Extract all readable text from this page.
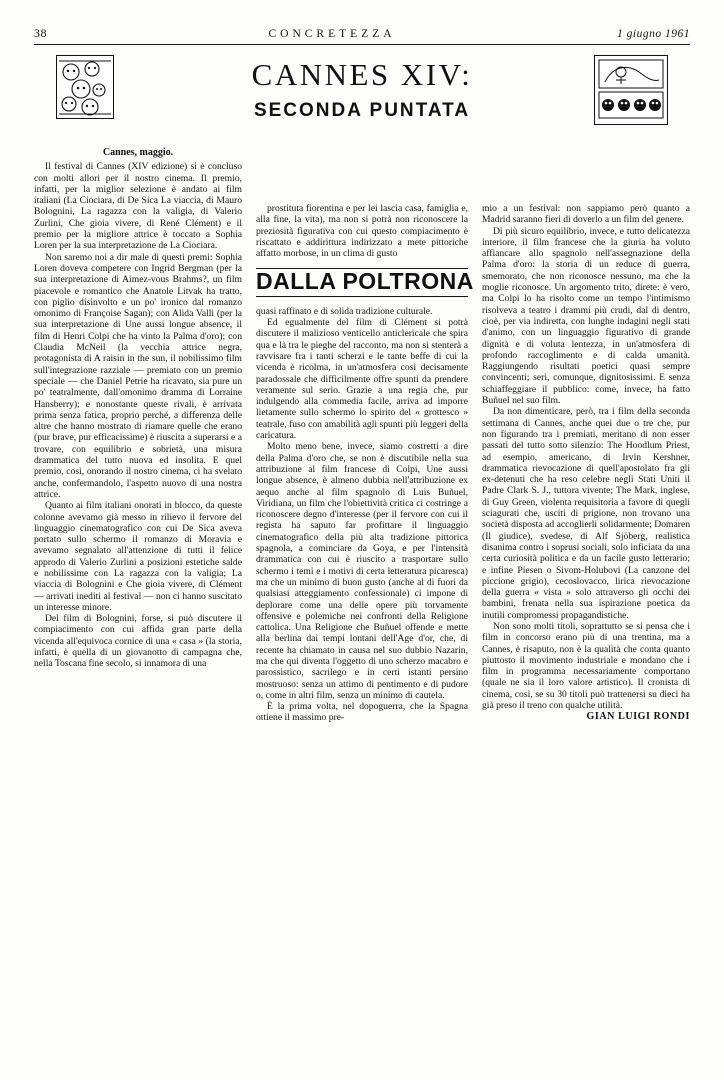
38	CONCRETEZZA	1 giugno 1961
CANNES XIV:
SECONDA PUNTATA

Cannes, maggio.

Il festival di Cannes (XIV edizione) si è concluso con molti allori per il nostro cinema. Il premio, infatti, per la miglior selezione è andato ai film italiani (La Ciociara, di De Sica La viaccia, di Mauro Bolognini, La ragazza con la valigia, di Valerio Zurlini, Che gioia vivere, di René Clément) e il premio per la migliore attrice è toccato a Sophia Loren per la sua interpretazione de La Ciociara.

Non saremo noi a dir male di questi premi: Sophia Loren doveva competere con Ingrid Bergman (per la sua interpretazione di Aimez-vous Brahms?, un film piacevole e romantico che Anatole Litvak ha tratto, con piglio disinvolto e un po' ironico dal romanzo omonimo di Françoise Sagan); con Alida Valli (per la sua interpretazione di Une aussi longue absence, il film di Henri Colpi che ha vinto la Palma d'oro); con Claudia McNeil (la vecchia attrice negra, protagonista di A raisin in the sun, il nobilissimo film sull'integrazione razziale — premiato con un premio speciale — che Daniel Petrie ha ricavato, sia pure un po' teatralmente, dall'omonimo dramma di Lorraine Hansberry); e nonostante queste rivali, è arrivata prima senza fatica, proprio perché, a differenza delle altre che hanno mostrato di riamare quelle che erano (pur brave, pur efficacissime) è riuscita a superarsi e a trovare, con equilibrio e sobrietà, una misura drammatica del tutto nuova ed insolita. E quel premio, così, onorando il nostro cinema, ci ha svelato anche, confermandolo, l'aspetto nuovo di una nostra attrice.

Quanto ai film italiani onorati in blocco, da queste colonne avevamo già messo in rilievo il fervore del linguaggio cinematografico con cui De Sica aveva portato sullo schermo il romanzo di Moravia e avevamo segnalato all'attenzione di tutti il felice approdo di Valerio Zurlini a posizioni estetiche salde e nobilissime con La ragazza con la valigia; La viaccia di Bolognini e Che gioia vivere, di Clément — arrivati inediti al festival — non ci hanno suscitato un interesse minore.

Del film di Bolognini, forse, si può discutere il compiacimento con cui affida gran parte della vicenda all'equivoca cornice di una « casa » (la storia, infatti, è quella di un giovanotto di campagna che, nella Toscana fine secolo, si innamora di una

prostituta fiorentina e per lei lascia casa, famiglia e, alla fine, la vita), ma non si potrà non riconoscere la preziosità figurativa con cui questo compiacimento è riscattato e addirittura indirizzato a mete pittoriche affatto morbose, in un clima di gusto

DALLA POLTRONA

quasi raffinato e di solida tradizione culturale.

Ed egualmente del film di Clément si potrà discutere il malizioso venticello anticlericale che spira qua e là tra le pieghe del racconto, ma non si stenterà a ravvisare fra i tanti scherzi e le tante beffe di cui la vicenda è ricolma, in un'atmosfera così decisamente paradossale che difficilmente offre spunti da prendere veramente sul serio. Grazie a una regia che, pur indulgendo alla commedia facile, arriva ad imporre lietamente sullo schermo lo spirito del « grottesco » teatrale, fuso con amabilità agli spunti più leggeri della caricatura.

Molto meno bene, invece, siamo costretti a dire della Palma d'oro che, se non è discutibile nella sua attribuzione al film francese di Colpi, Une aussi longue absence, è almeno dubbia nell'attribuzione ex aequo anche al film spagnolo di Luis Buñuel, Viridiana, un film che l'obiettività critica ci costringe a riconoscere degno d'interesse (per il fervore con cui il regista ha saputo far profittare il linguaggio cinematografico della più alta tradizione pittorica spagnola, a cominciare da Goya, e per l'intensità drammatica con cui è riuscito a trasportare sullo schermo i temi e i motivi di certa letteratura picaresca) ma che un minimo di buon gusto (anche al di fuori da qualsiasi atteggiamento confessionale) ci impone di deplorare come una delle opere più torvamente offensive e polemiche nei confronti della Religione cattolica. Una Religione che Buñuel offende e mette alla berlina dai tempi lontani dell'Age d'or, che, di recente ha chiamato in causa nel suo dubbio Nazarin, ma che qui diventa l'oggetto di uno scherzo macabro e parossistico, sacrilego e in certi istanti persino mostruoso: senza un attimo di pentimento e di pudore o, come in altri film, senza un minimo di cautela.

È la prima volta, nel dopoguerra, che la Spagna ottiene il massimo pre-

mio a un festival: non sappiamo però quanto a Madrid saranno fieri di doverlo a un film del genere.

Di più sicuro equilibrio, invece, e tutto delicatezza interiore, il film francese che la giuria ha voluto affiancare allo spagnolo nell'assegnazione della Palma d'oro: la storia di un reduce di guerra, smemorato, che non riconosce nessuno, ma che la moglie riconosce. Un argomento trito, direte: è vero, ma Colpi lo ha risolto come un tempo l'intimismo risolveva a teatro i drammi più crudi, dal di dentro, cioè, per via indiretta, con lunghe indagini negli stati d'animo, con un linguaggio figurativo di grande dignità e di voluta lentezza, in un'atmosfera di profondo raccoglimento e di calda umanità. Raggiungendo risultati poetici quasi sempre convincenti; seri, comunque, dignitosissimi. E senza schiaffeggiare il pubblico: come, invece, ha fatto Buñuel nel suo film.

Da non dimenticare, però, tra i film della seconda settimana di Cannes, anche quei due o tre che, pur non figurando tra i premiati, meritano di non esser passati del tutto sotto silenzio: The Hoodlum Priest, ad esempio, americano, di Irvin Kershner, drammatica rievocazione di quell'apostolato fra gli ex-detenuti che ha reso celebre negli Stati Uniti il Padre Clark S. J., tuttora vivente; The Mark, inglese, di Guy Green, violenta requisitoria a favore di quegli sciagurati che, usciti di prigione, non trovano una società disposta ad accoglierli solidarmente; Domaren (Il giudice), svedese, di Alf Sjöberg, realistica disanima contro i soprusi sociali, solo inficiata da una certa curiosità politica e da un facile gusto letterario; e infine Piesen o Sivom-Holubovi (La canzone del piccione grigio), cecoslovacco, lirica rievocazione della guerra « vista » solo attraverso gli occhi dei bambini, frenata nella sua ispirazione poetica da inutili compromessi propagandistiche.

Non sono molti titoli, soprattutto se si pensa che i film in concorso erano più di una trentina, ma a Cannes, è risaputo, non è la qualità che conta quanto piuttosto il movimento industriale e mondano che i film in programma necessariamente comportano (quale ne sia il loro valore artistico). Il cronista di cinema, così, se su 30 titoli può trattenersi su dieci ha già preso il treno con qualche utilità.

GIAN LUIGI RONDI
